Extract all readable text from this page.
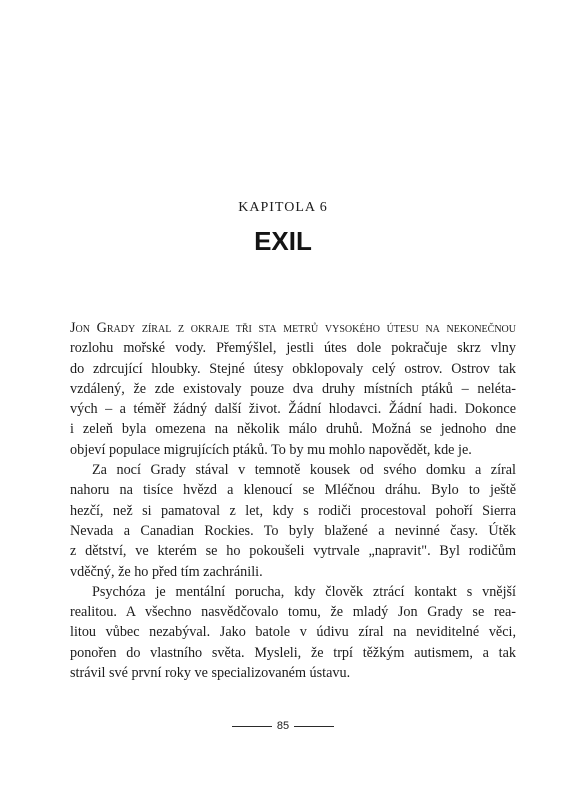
KAPITOLA 6
EXIL

Jon Grady zíral z okraje tři sta metrů vysokého útesu na nekonečnou
rozlohu mořské vody. Přemýšlel, jestli útes dole pokračuje skrz vlny
do zdrcující hloubky. Stejné útesy obklopovaly celý ostrov. Ostrov tak
vzdálený, že zde existovaly pouze dva druhy místních ptáků – neléta-
vých – a téměř žádný další život. Žádní hlodavci. Žádní hadi. Dokonce
i zeleň byla omezena na několik málo druhů. Možná se jednoho dne
objeví populace migrujících ptáků. To by mu mohlo napovědět, kde je.

Za nocí Grady stával v temnotě kousek od svého domku a zíral
nahoru na tisíce hvězd a klenoucí se Mléčnou dráhu. Bylo to ještě
hezčí, než si pamatoval z let, kdy s rodiči procestoval pohoří Sierra
Nevada a Canadian Rockies. To byly blažené a nevinné časy. Útěk
z dětství, ve kterém se ho pokoušeli vytrvale „napravit". Byl rodičům
vděčný, že ho před tím zachránili.

Psychóza je mentální porucha, kdy člověk ztrácí kontakt s vnější
realitou. A všechno nasvědčovalo tomu, že mladý Jon Grady se rea-
litou vůbec nezabýval. Jako batole v údivu zíral na neviditelné věci,
ponořen do vlastního světa. Mysleli, že trpí těžkým autismem, a tak
strávil své první roky ve specializovaném ústavu.

85
